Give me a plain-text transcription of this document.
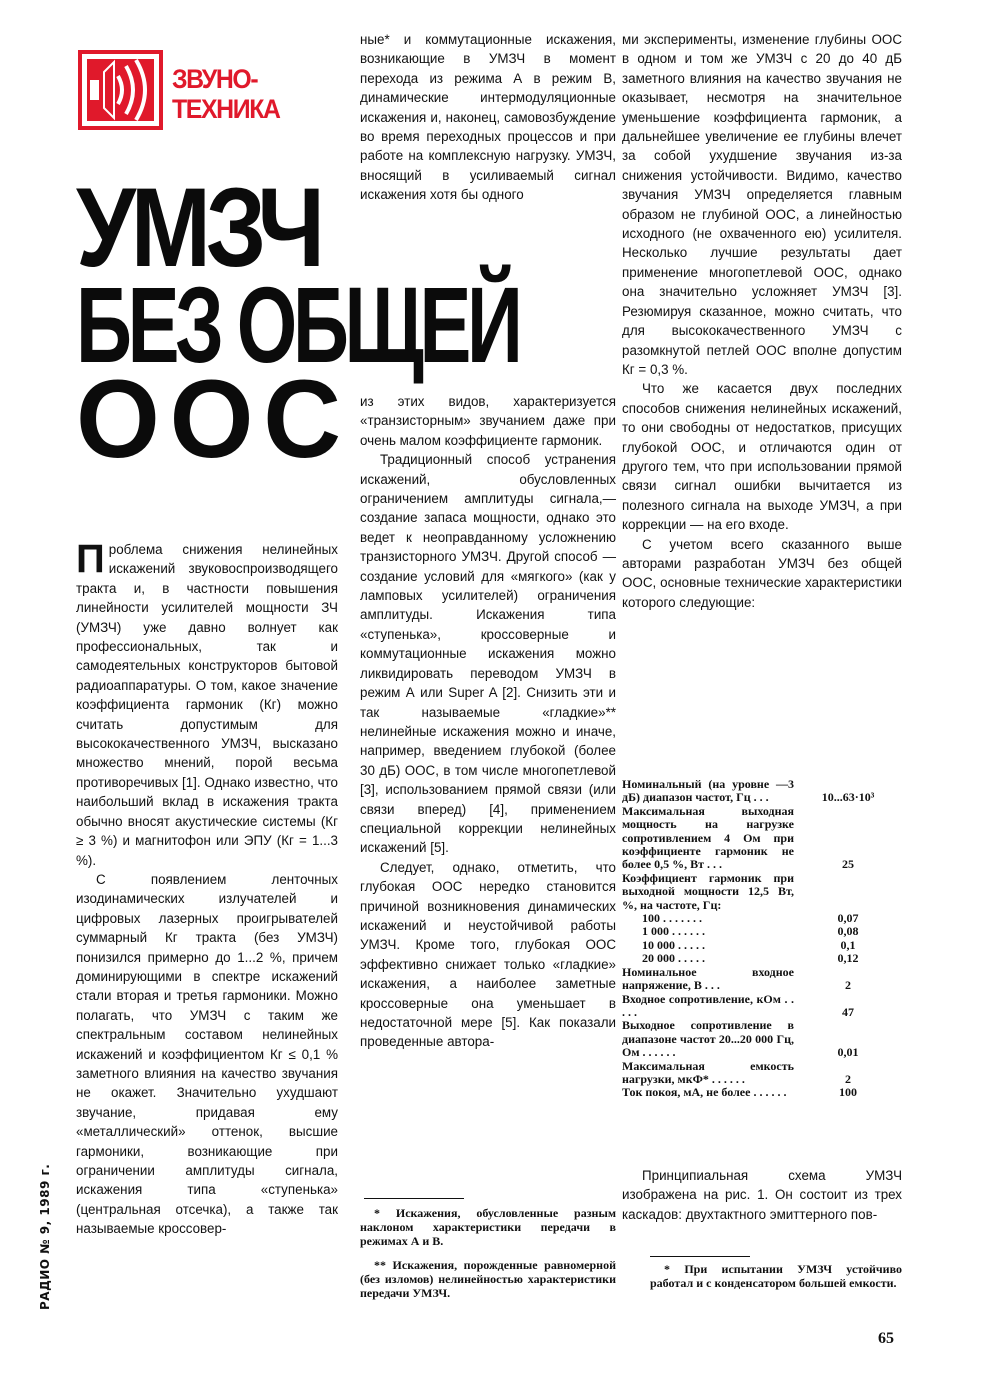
ЗВУНО-
ТЕХНИКА
УМЗЧ
БЕЗ ОБЩЕЙ
ООС

Проблема снижения нелинейных искажений звуковоспроизводящего тракта и, в частности повышения линейности усилителей мощности ЗЧ (УМЗЧ) уже давно волнует как профессиональных, так и самодеятельных конструкторов бытовой радиоаппаратуры. О том, какое значение коэффициента гармоник (Кг) можно считать допустимым для высококачественного УМЗЧ, высказано множество мнений, порой весьма противоречивых [1]. Однако известно, что наибольший вклад в искажения тракта обычно вносят акустические системы (Кг ≥ 3 %) и магнитофон или ЭПУ (Кг = 1...3 %).

С появлением ленточных изодинамических излучателей и цифровых лазерных проигрывателей суммарный Кг тракта (без УМЗЧ) понизился примерно до 1...2 %, причем доминирующими в спектре искажений стали вторая и третья гармоники. Можно полагать, что УМЗЧ с таким же спектральным составом нелинейных искажений и коэффициентом Кг ≤ 0,1 % заметного влияния на качество звучания не окажет. Значительно ухудшают звучание, придавая ему «металлический» оттенок, высшие гармоники, возникающие при ограничении амплитуды сигнала, искажения типа «ступенька» (центральная отсечка), а также так называемые кроссовер-

ные* и коммутационные искажения, возникающие в УМЗЧ в момент перехода из режима А в режим В, динамические интермодуляционные искажения и, наконец, самовозбуждение во время переходных процессов и при работе на комплексную нагрузку. УМЗЧ, вносящий в усиливаемый сигнал искажения хотя бы одного

из этих видов, характеризуется «транзисторным» звучанием даже при очень малом коэффициенте гармоник.

Традиционный способ устранения искажений, обусловленных ограничением амплитуды сигнала,— создание запаса мощности, однако это ведет к неоправданному усложнению транзисторного УМЗЧ. Другой способ — создание условий для «мягкого» (как у ламповых усилителей) ограничения амплитуды. Искажения типа «ступенька», кроссоверные и коммутационные искажения можно ликвидировать переводом УМЗЧ в режим А или Super A [2]. Снизить эти и так называемые «гладкие»** нелинейные искажения можно и иначе, например, введением глубокой (более 30 дБ) ООС, в том числе многопетлевой [3], использованием прямой связи (или связи вперед) [4], применением специальной коррекции нелинейных искажений [5].

Следует, однако, отметить, что глубокая ООС нередко становится причиной возникновения динамических искажений и неустойчивой работы УМЗЧ. Кроме того, глубокая ООС эффективно снижает только «гладкие» искажения, а наиболее заметные кроссоверные она уменьшает в недостаточной мере [5]. Как показали проведенные автора-

* Искажения, обусловленные разным наклоном характеристики передачи в режимах А и В.
** Искажения, порожденные равномерной (без изломов) нелинейностью характеристики передачи УМЗЧ.

ми эксперименты, изменение глубины ООС в одном и том же УМЗЧ с 20 до 40 дБ заметного влияния на качество звучания не оказывает, несмотря на значительное уменьшение коэффициента гармоник, а дальнейшее увеличение ее глубины влечет за собой ухудшение звучания из-за снижения устойчивости. Видимо, качество звучания УМЗЧ определяется главным образом не глубиной ООС, а линейностью исходного (не охваченного ею) усилителя. Несколько лучшие результаты дает применение многопетлевой ООС, однако она значительно усложняет УМЗЧ [3]. Резюмируя сказанное, можно считать, что для высококачественного УМЗЧ с разомкнутой петлей ООС вполне допустим Кг = 0,3 %.

Что же касается двух последних способов снижения нелинейных искажений, то они свободны от недостатков, присущих глубокой ООС, и отличаются один от другого тем, что при использовании прямой связи сигнал ошибки вычитается из полезного сигнала на выходе УМЗЧ, а при коррекции — на его входе.

С учетом всего сказанного выше авторами разработан УМЗЧ без общей ООС, основные технические характеристики которого следующие:

Номинальный (на уровне —3 дБ) диапазон частот, Гц . . .	10...63·10³
Максимальная выходная мощность на нагрузке сопротивлением 4 Ом при коэффициенте гармоник не более 0,5 %, Вт . . .	25
Коэффициент гармоник при выходной мощности 12,5 Вт, %, на частоте, Гц:
100 . . . . . . .	0,07
1 000 . . . . . .	0,08
10 000 . . . . .	0,1
20 000 . . . . .	0,12
Номинальное входное напряжение, В . . .	2
Входное сопротивление, кОм . . . . .	47
Выходное сопротивление в диапазоне частот 20...20 000 Гц, Ом . . . . . .	0,01
Максимальная емкость нагрузки, мкФ* . . . . . .	2
Ток покоя, мА, не более . . . . . .	100

Принципиальная схема УМЗЧ изображена на рис. 1. Он состоит из трех каскадов: двухтактного эмиттерного пов-

* При испытании УМЗЧ устойчиво работал и с конденсатором большей емкости.
РАДИО № 9, 1989 г.
65
